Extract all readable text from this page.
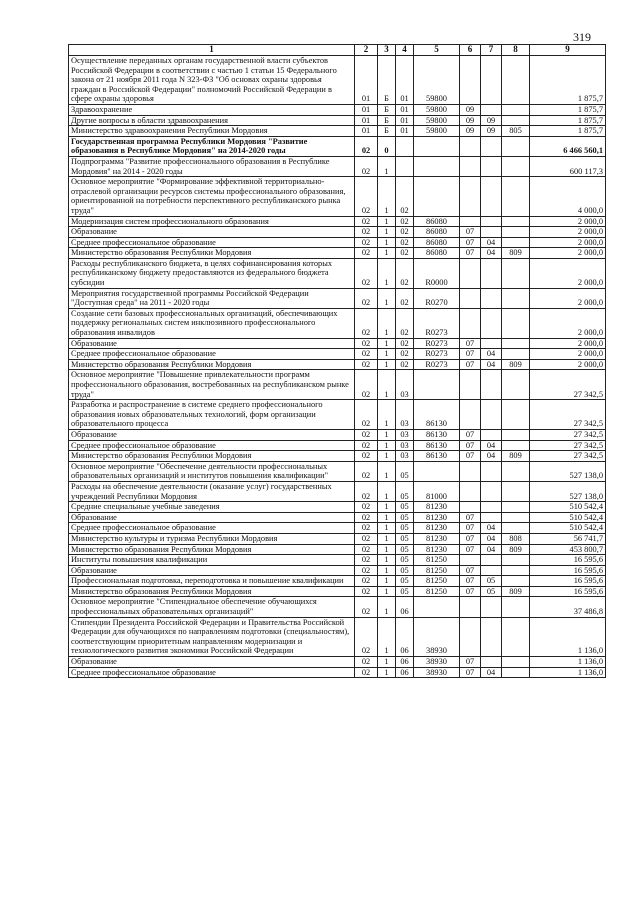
319
1	2	3	4	5	6	7	8	9
Осуществление переданных органам государственной власти субъектов Российской Федерации в соответствии с частью 1 статьи 15 Федерального закона от 21 ноября 2011 года N 323-ФЗ "Об основах охраны здоровья граждан в Российской Федерации" полномочий Российской Федерации в сфере охраны здоровья	01	Б	01	59800				1 875,7
Здравоохранение	01	Б	01	59800	09			1 875,7
Другие вопросы в области здравоохранения	01	Б	01	59800	09	09		1 875,7
Министерство здравоохранения Республики Мордовия	01	Б	01	59800	09	09	805	1 875,7
Государственная программа Республики Мордовия "Развитие образования в Республике Мордовия" на 2014-2020 годы	02	0						6 466 560,1
Подпрограмма "Развитие профессионального образования в Республике Мордовия" на 2014 - 2020 годы	02	1						600 117,3
Основное мероприятие "Формирование эффективной территориально-отраслевой организации ресурсов системы профессионального образования, ориентированной на потребности перспективного республиканского рынка труда"	02	1	02					4 000,0
Модернизация систем профессионального образования	02	1	02	86080				2 000,0
Образование	02	1	02	86080	07			2 000,0
Среднее профессиональное образование	02	1	02	86080	07	04		2 000,0
Министерство образования Республики Мордовия	02	1	02	86080	07	04	809	2 000,0
Расходы республиканского бюджета, в целях софинансирования которых республиканскому бюджету предоставляются из федерального бюджета субсидии	02	1	02	R0000				2 000,0
Мероприятия государственной программы Российской Федерации "Доступная среда" на 2011 - 2020 годы	02	1	02	R0270				2 000,0
Создание сети базовых профессиональных организаций, обеспечивающих поддержку региональных систем инклюзивного профессионального образования инвалидов	02	1	02	R0273				2 000,0
Образование	02	1	02	R0273	07			2 000,0
Среднее профессиональное образование	02	1	02	R0273	07	04		2 000,0
Министерство образования Республики Мордовия	02	1	02	R0273	07	04	809	2 000,0
Основное мероприятие "Повышение привлекательности программ профессионального образования, востребованных на республиканском рынке труда"	02	1	03					27 342,5
Разработка и распространение в системе среднего профессионального образования новых образовательных технологий, форм организации образовательного процесса	02	1	03	86130				27 342,5
Образование	02	1	03	86130	07			27 342,5
Среднее профессиональное образование	02	1	03	86130	07	04		27 342,5
Министерство образования Республики Мордовия	02	1	03	86130	07	04	809	27 342,5
Основное мероприятие "Обеспечение деятельности профессиональных образовательных организаций и институтов повышения квалификации"	02	1	05					527 138,0
Расходы на обеспечение деятельности (оказание услуг) государственных учреждений Республики Мордовия	02	1	05	81000				527 138,0
Средние специальные учебные заведения	02	1	05	81230				510 542,4
Образование	02	1	05	81230	07			510 542,4
Среднее профессиональное образование	02	1	05	81230	07	04		510 542,4
Министерство культуры и туризма Республики Мордовия	02	1	05	81230	07	04	808	56 741,7
Министерство образования Республики Мордовия	02	1	05	81230	07	04	809	453 800,7
Институты повышения квалификации	02	1	05	81250				16 595,6
Образование	02	1	05	81250	07			16 595,6
Профессиональная подготовка, переподготовка и повышение квалификации	02	1	05	81250	07	05		16 595,6
Министерство образования Республики Мордовия	02	1	05	81250	07	05	809	16 595,6
Основное мероприятие "Стипендиальное обеспечение обучающихся профессиональных образовательных организаций"	02	1	06					37 486,8
Стипендии Президента Российской Федерации и Правительства Российской Федерации для обучающихся по направлениям подготовки (специальностям), соответствующим приоритетным направлениям модернизации и технологического развития экономики Российской Федерации	02	1	06	38930				1 136,0
Образование	02	1	06	38930	07			1 136,0
Среднее профессиональное образование	02	1	06	38930	07	04		1 136,0
